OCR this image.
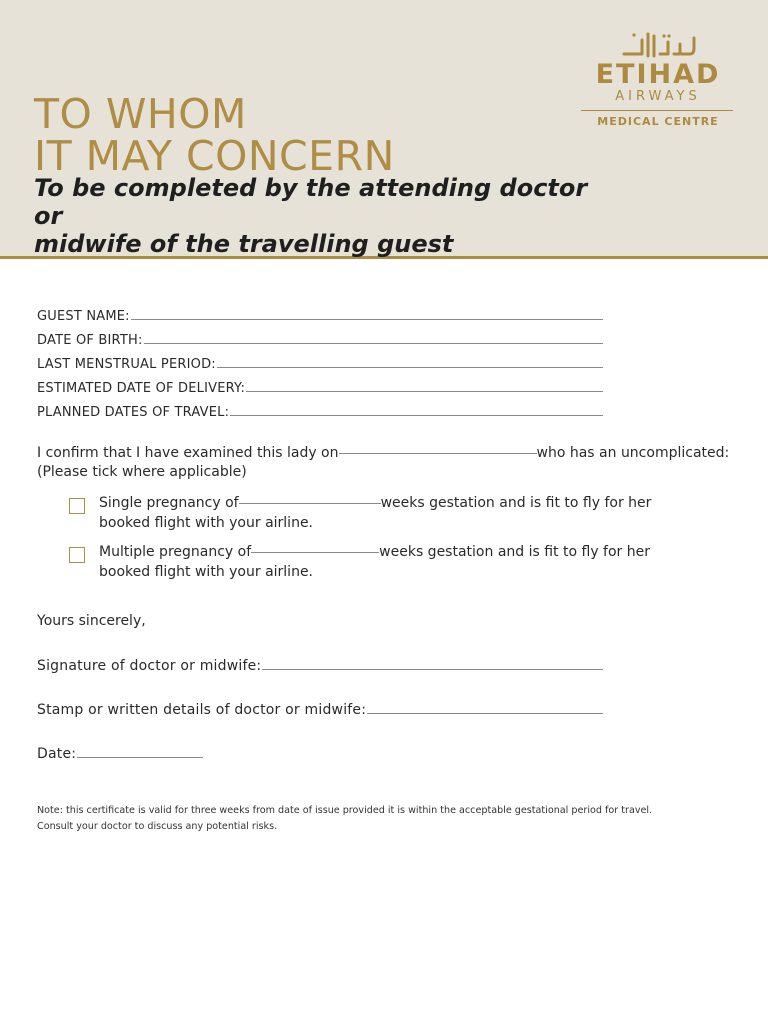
TO WHOM
IT MAY CONCERN
To be completed by the attending doctor or
midwife of the travelling guest
ETIHAD
AIRWAYS
MEDICAL CENTRE
GUEST NAME:
DATE OF BIRTH:
LAST MENSTRUAL PERIOD:
ESTIMATED DATE OF DELIVERY:
PLANNED DATES OF TRAVEL:
I confirm that I have examined this lady on	who has an uncomplicated:
(Please tick where applicable)
Single pregnancy of	weeks gestation and is fit to fly for her
booked flight with your airline.
Multiple pregnancy of	weeks gestation and is fit to fly for her
booked flight with your airline.
Yours sincerely,
Signature of doctor or midwife:
Stamp or written details of doctor or midwife:
Date:
Note: this certificate is valid for three weeks from date of issue provided it is within the acceptable gestational period for travel.
Consult your doctor to discuss any potential risks.
